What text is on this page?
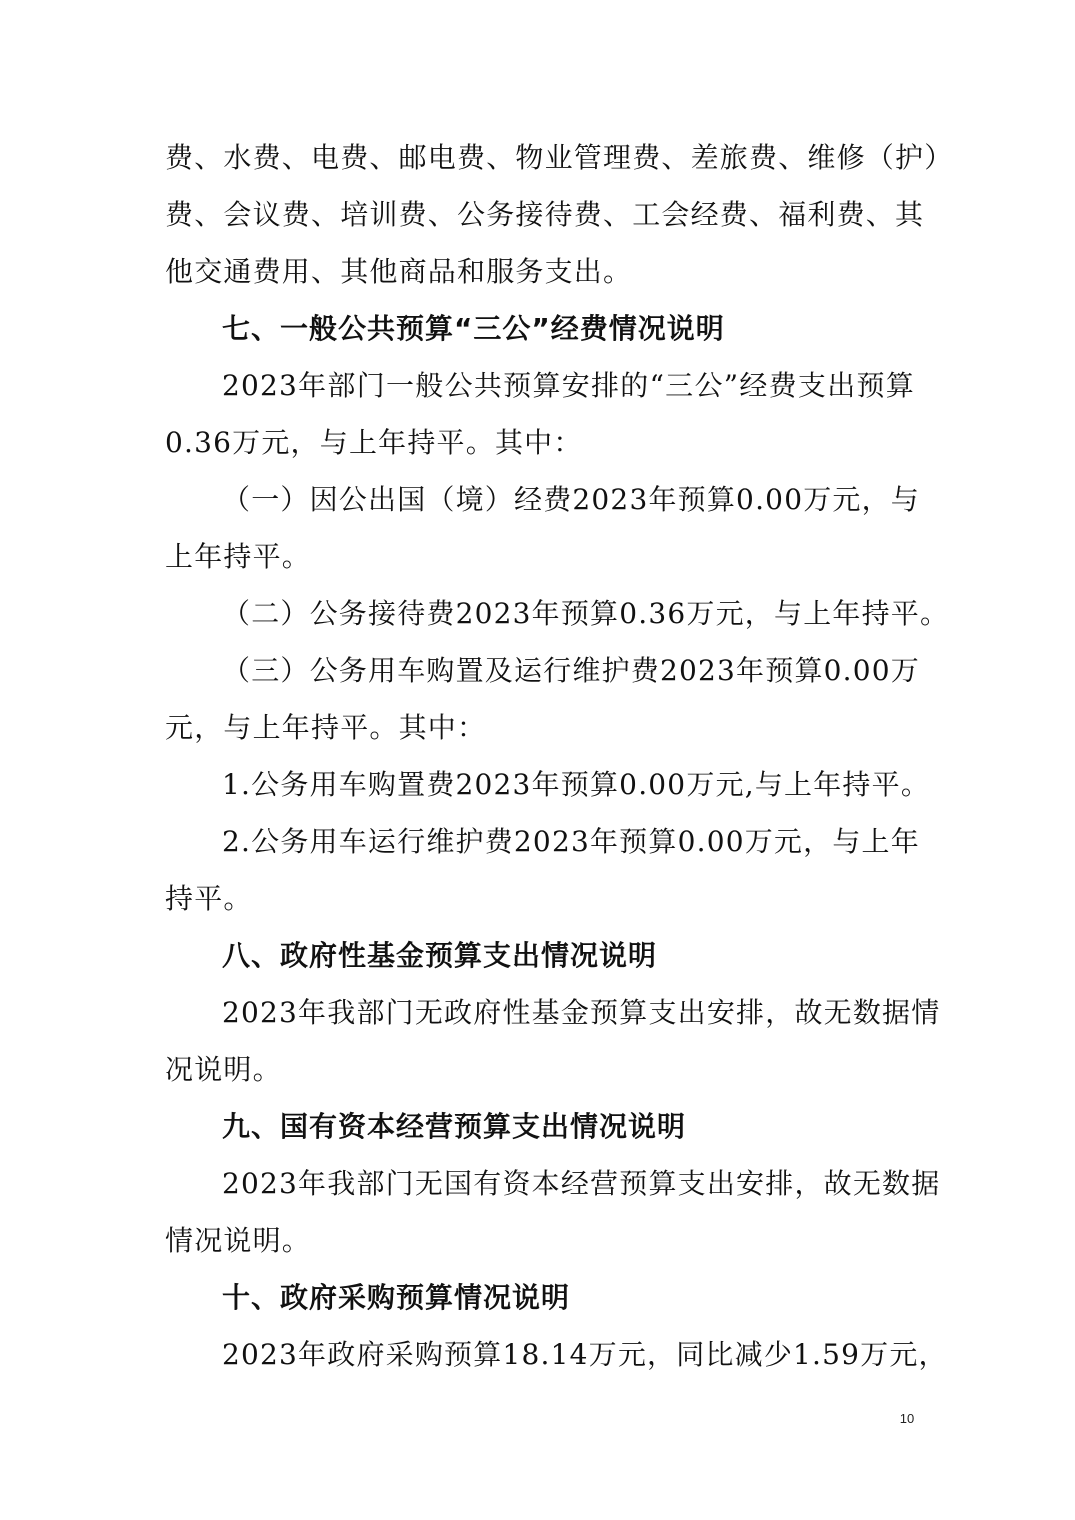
费、水费、电费、邮电费、物业管理费、差旅费、维修（护）
费、会议费、培训费、公务接待费、工会经费、福利费、其
他交通费用、其他商品和服务支出。
七、一般公共预算“三公”经费情况说明
2023年部门一般公共预算安排的“三公”经费支出预算
0.36万元，与上年持平。其中：
（一）因公出国（境）经费2023年预算0.00万元，与
上年持平。
（二）公务接待费2023年预算0.36万元，与上年持平。
（三）公务用车购置及运行维护费2023年预算0.00万
元，与上年持平。其中：
1.公务用车购置费2023年预算0.00万元,与上年持平。
2.公务用车运行维护费2023年预算0.00万元，与上年
持平。
八、政府性基金预算支出情况说明
2023年我部门无政府性基金预算支出安排，故无数据情
况说明。
九、国有资本经营预算支出情况说明
2023年我部门无国有资本经营预算支出安排，故无数据
情况说明。
十、政府采购预算情况说明
2023年政府采购预算18.14万元，同比减少1.59万元，
10
